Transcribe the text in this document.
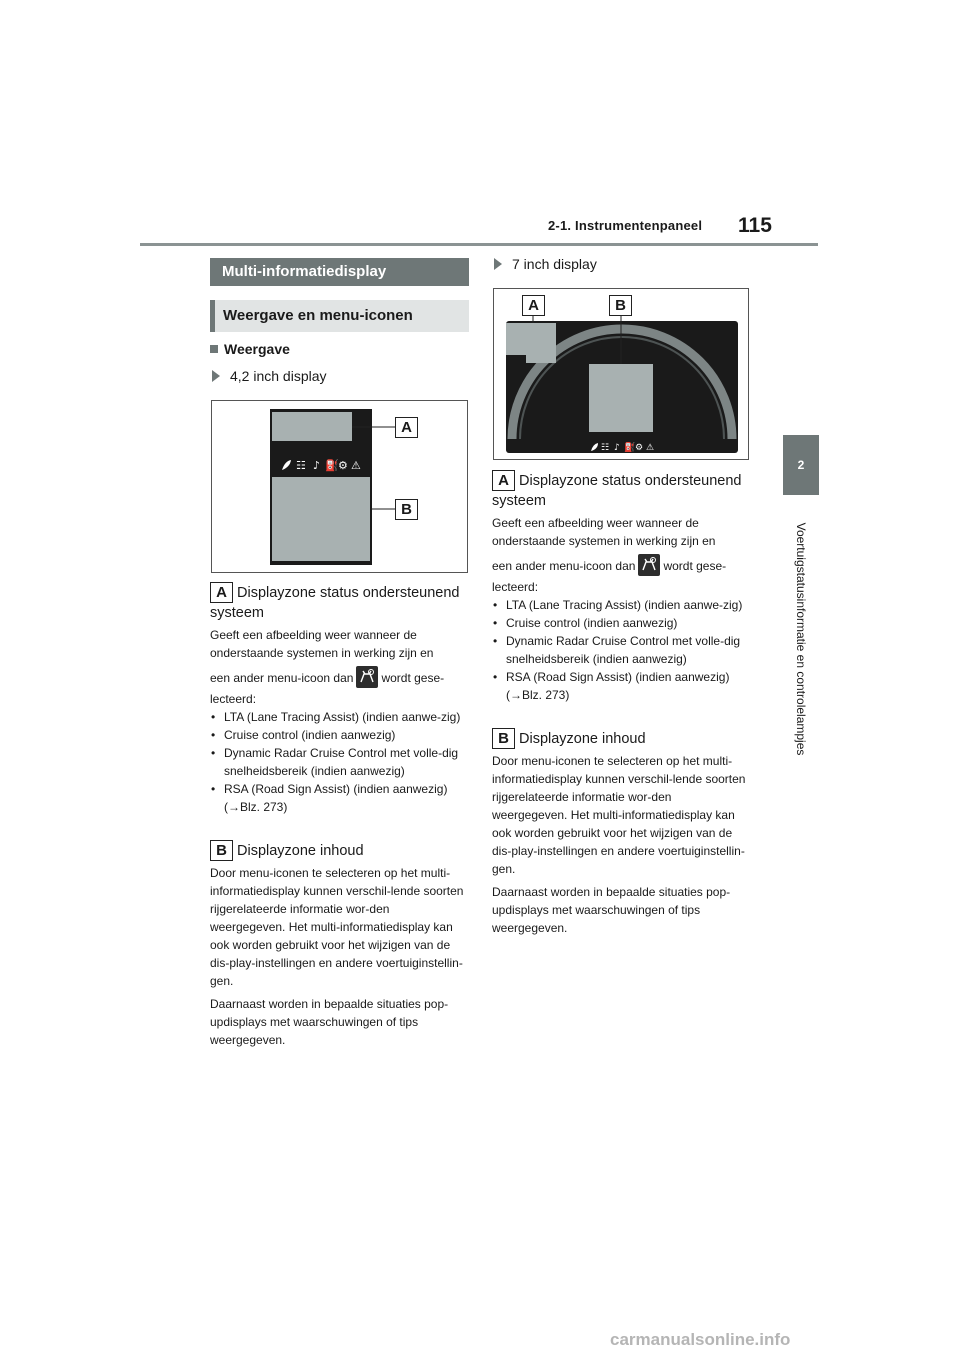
2-1. Instrumentenpaneel 115
2
Voertuigstatusinformatie en controlelampjes
Multi-informatiedisplay
Weergave en menu-iconen
Weergave
4,2 inch display
☷ ♪ ⛽ ⚙ ⚠
A
B
A Displayzone status ondersteunend systeem
Geeft een afbeelding weer wanneer de onderstaande systemen in werking zijn en
een ander menu-icoon dan wordt gese-
lecteerd:
• LTA (Lane Tracing Assist) (indien aanwe-zig)
• Cruise control (indien aanwezig)
• Dynamic Radar Cruise Control met volle-dig snelheidsbereik (indien aanwezig)
• RSA (Road Sign Assist) (indien aanwezig) (→Blz. 273)
B Displayzone inhoud
Door menu-iconen te selecteren op het multi-informatiedisplay kunnen verschil-lende soorten rijgerelateerde informatie wor-den weergegeven. Het multi-informatiedisplay kan ook worden gebruikt voor het wijzigen van de dis-play-instellingen en andere voertuiginstellin-gen.
Daarnaast worden in bepaalde situaties pop-updisplays met waarschuwingen of tips weergegeven.
7 inch display
☷ ♪ ⛽ ⚙ ⚠
A	B
A Displayzone status ondersteunend systeem
Geeft een afbeelding weer wanneer de onderstaande systemen in werking zijn en
een ander menu-icoon dan wordt gese-
lecteerd:
• LTA (Lane Tracing Assist) (indien aanwe-zig)
• Cruise control (indien aanwezig)
• Dynamic Radar Cruise Control met volle-dig snelheidsbereik (indien aanwezig)
• RSA (Road Sign Assist) (indien aanwezig) (→Blz. 273)
B Displayzone inhoud
Door menu-iconen te selecteren op het multi-informatiedisplay kunnen verschil-lende soorten rijgerelateerde informatie wor-den weergegeven. Het multi-informatiedisplay kan ook worden gebruikt voor het wijzigen van de dis-play-instellingen en andere voertuiginstellin-gen.
Daarnaast worden in bepaalde situaties pop-updisplays met waarschuwingen of tips weergegeven.
carmanualsonline.info
